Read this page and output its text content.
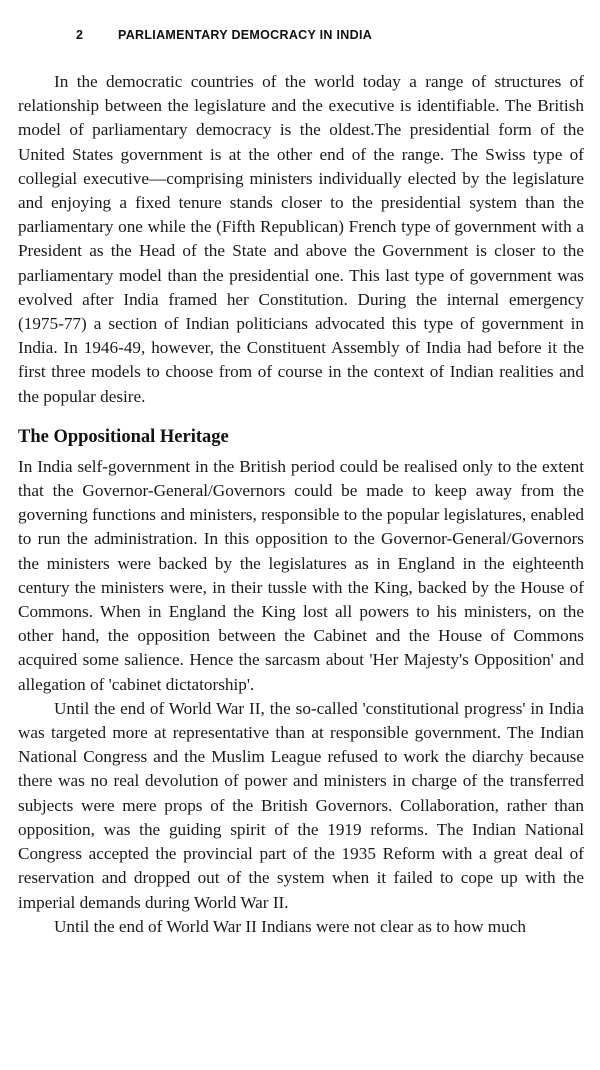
2	PARLIAMENTARY DEMOCRACY IN INDIA

In the democratic countries of the world today a range of structures of relationship between the legislature and the executive is identifiable. The British model of parliamentary democracy is the oldest.The presidential form of the United States government is at the other end of the range. The Swiss type of collegial executive—comprising ministers individually elected by the legislature and enjoying a fixed tenure stands closer to the presidential system than the parliamentary one while the (Fifth Republican) French type of government with a President as the Head of the State and above the Government is closer to the parliamentary model than the presidential one. This last type of government was evolved after India framed her Constitution. During the internal emergency (1975-77) a section of Indian politicians advocated this type of government in India. In 1946-49, however, the Constituent Assembly of India had before it the first three models to choose from of course in the context of Indian realities and the popular desire.

The Oppositional Heritage

In India self-government in the British period could be realised only to the extent that the Governor-General/Governors could be made to keep away from the governing functions and ministers, responsible to the popular legislatures, enabled to run the administration. In this opposition to the Governor-General/Governors the ministers were backed by the legislatures as in England in the eighteenth century the ministers were, in their tussle with the King, backed by the House of Commons. When in England the King lost all powers to his ministers, on the other hand, the opposition between the Cabinet and the House of Commons acquired some salience. Hence the sarcasm about 'Her Majesty's Opposition' and allegation of 'cabinet dictatorship'.

Until the end of World War II, the so-called 'constitutional progress' in India was targeted more at representative than at responsible government. The Indian National Congress and the Muslim League refused to work the diarchy because there was no real devolution of power and ministers in charge of the transferred subjects were mere props of the British Governors. Collaboration, rather than opposition, was the guiding spirit of the 1919 reforms. The Indian National Congress accepted the provincial part of the 1935 Reform with a great deal of reservation and dropped out of the system when it failed to cope up with the imperial demands during World War II.

Until the end of World War II Indians were not clear as to how much
